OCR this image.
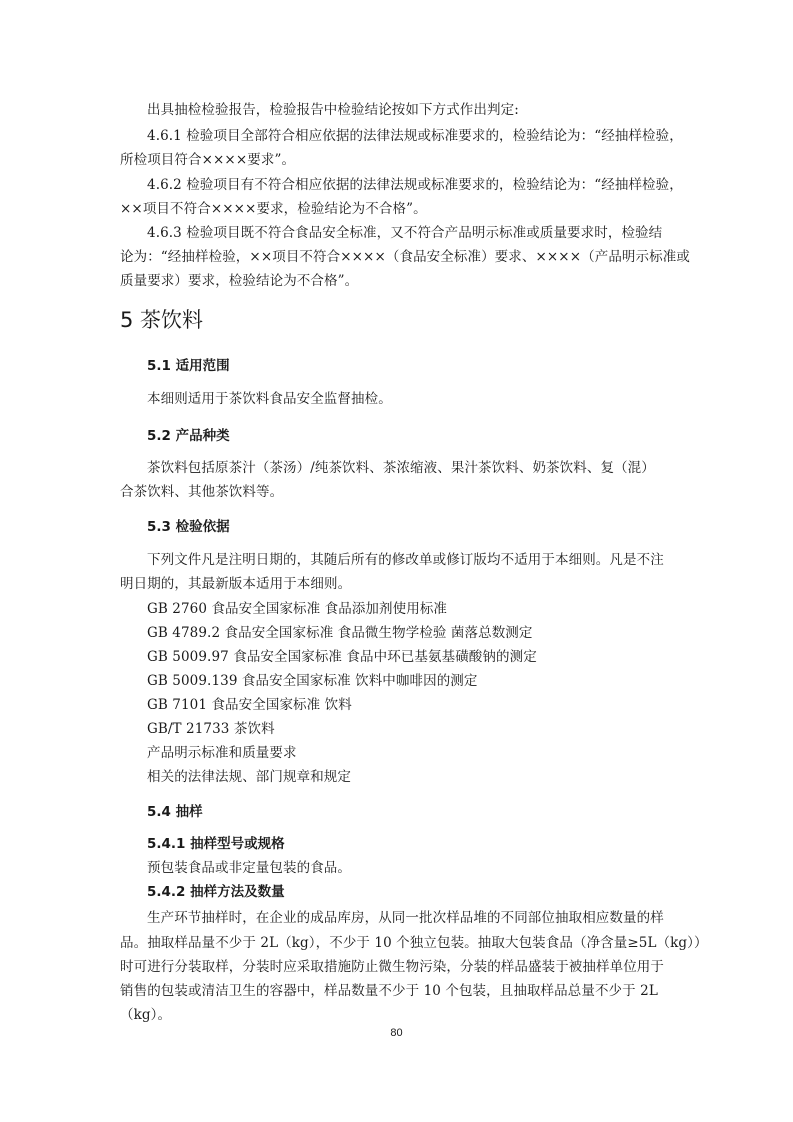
出具抽检检验报告，检验报告中检验结论按如下方式作出判定:
4.6.1 检验项目全部符合相应依据的法律法规或标准要求的，检验结论为：“经抽样检验，
所检项目符合××××要求”。
4.6.2 检验项目有不符合相应依据的法律法规或标准要求的，检验结论为：“经抽样检验，
××项目不符合××××要求，检验结论为不合格”。
4.6.3 检验项目既不符合食品安全标准，又不符合产品明示标准或质量要求时，检验结
论为：“经抽样检验，××项目不符合××××（食品安全标准）要求、××××（产品明示标准或
质量要求）要求，检验结论为不合格”。
5 茶饮料
5.1 适用范围
本细则适用于茶饮料食品安全监督抽检。
5.2 产品种类
茶饮料包括原茶汁（茶汤）/纯茶饮料、茶浓缩液、果汁茶饮料、奶茶饮料、复（混）
合茶饮料、其他茶饮料等。
5.3 检验依据
下列文件凡是注明日期的，其随后所有的修改单或修订版均不适用于本细则。凡是不注
明日期的，其最新版本适用于本细则。
GB 2760 食品安全国家标准 食品添加剂使用标准
GB 4789.2 食品安全国家标准 食品微生物学检验 菌落总数测定
GB 5009.97 食品安全国家标准 食品中环已基氨基磺酸钠的测定
GB 5009.139 食品安全国家标准 饮料中咖啡因的测定
GB 7101 食品安全国家标准 饮料
GB/T 21733 茶饮料
产品明示标准和质量要求
相关的法律法规、部门规章和规定
5.4 抽样
5.4.1 抽样型号或规格
预包装食品或非定量包装的食品。
5.4.2 抽样方法及数量
生产环节抽样时，在企业的成品库房，从同一批次样品堆的不同部位抽取相应数量的样
品。抽取样品量不少于 2L（kg），不少于 10 个独立包装。抽取大包装食品（净含量≥5L（kg））
时可进行分装取样，分装时应采取措施防止微生物污染，分装的样品盛装于被抽样单位用于
销售的包装或清洁卫生的容器中，样品数量不少于 10 个包装，且抽取样品总量不少于 2L
（kg）。
80
